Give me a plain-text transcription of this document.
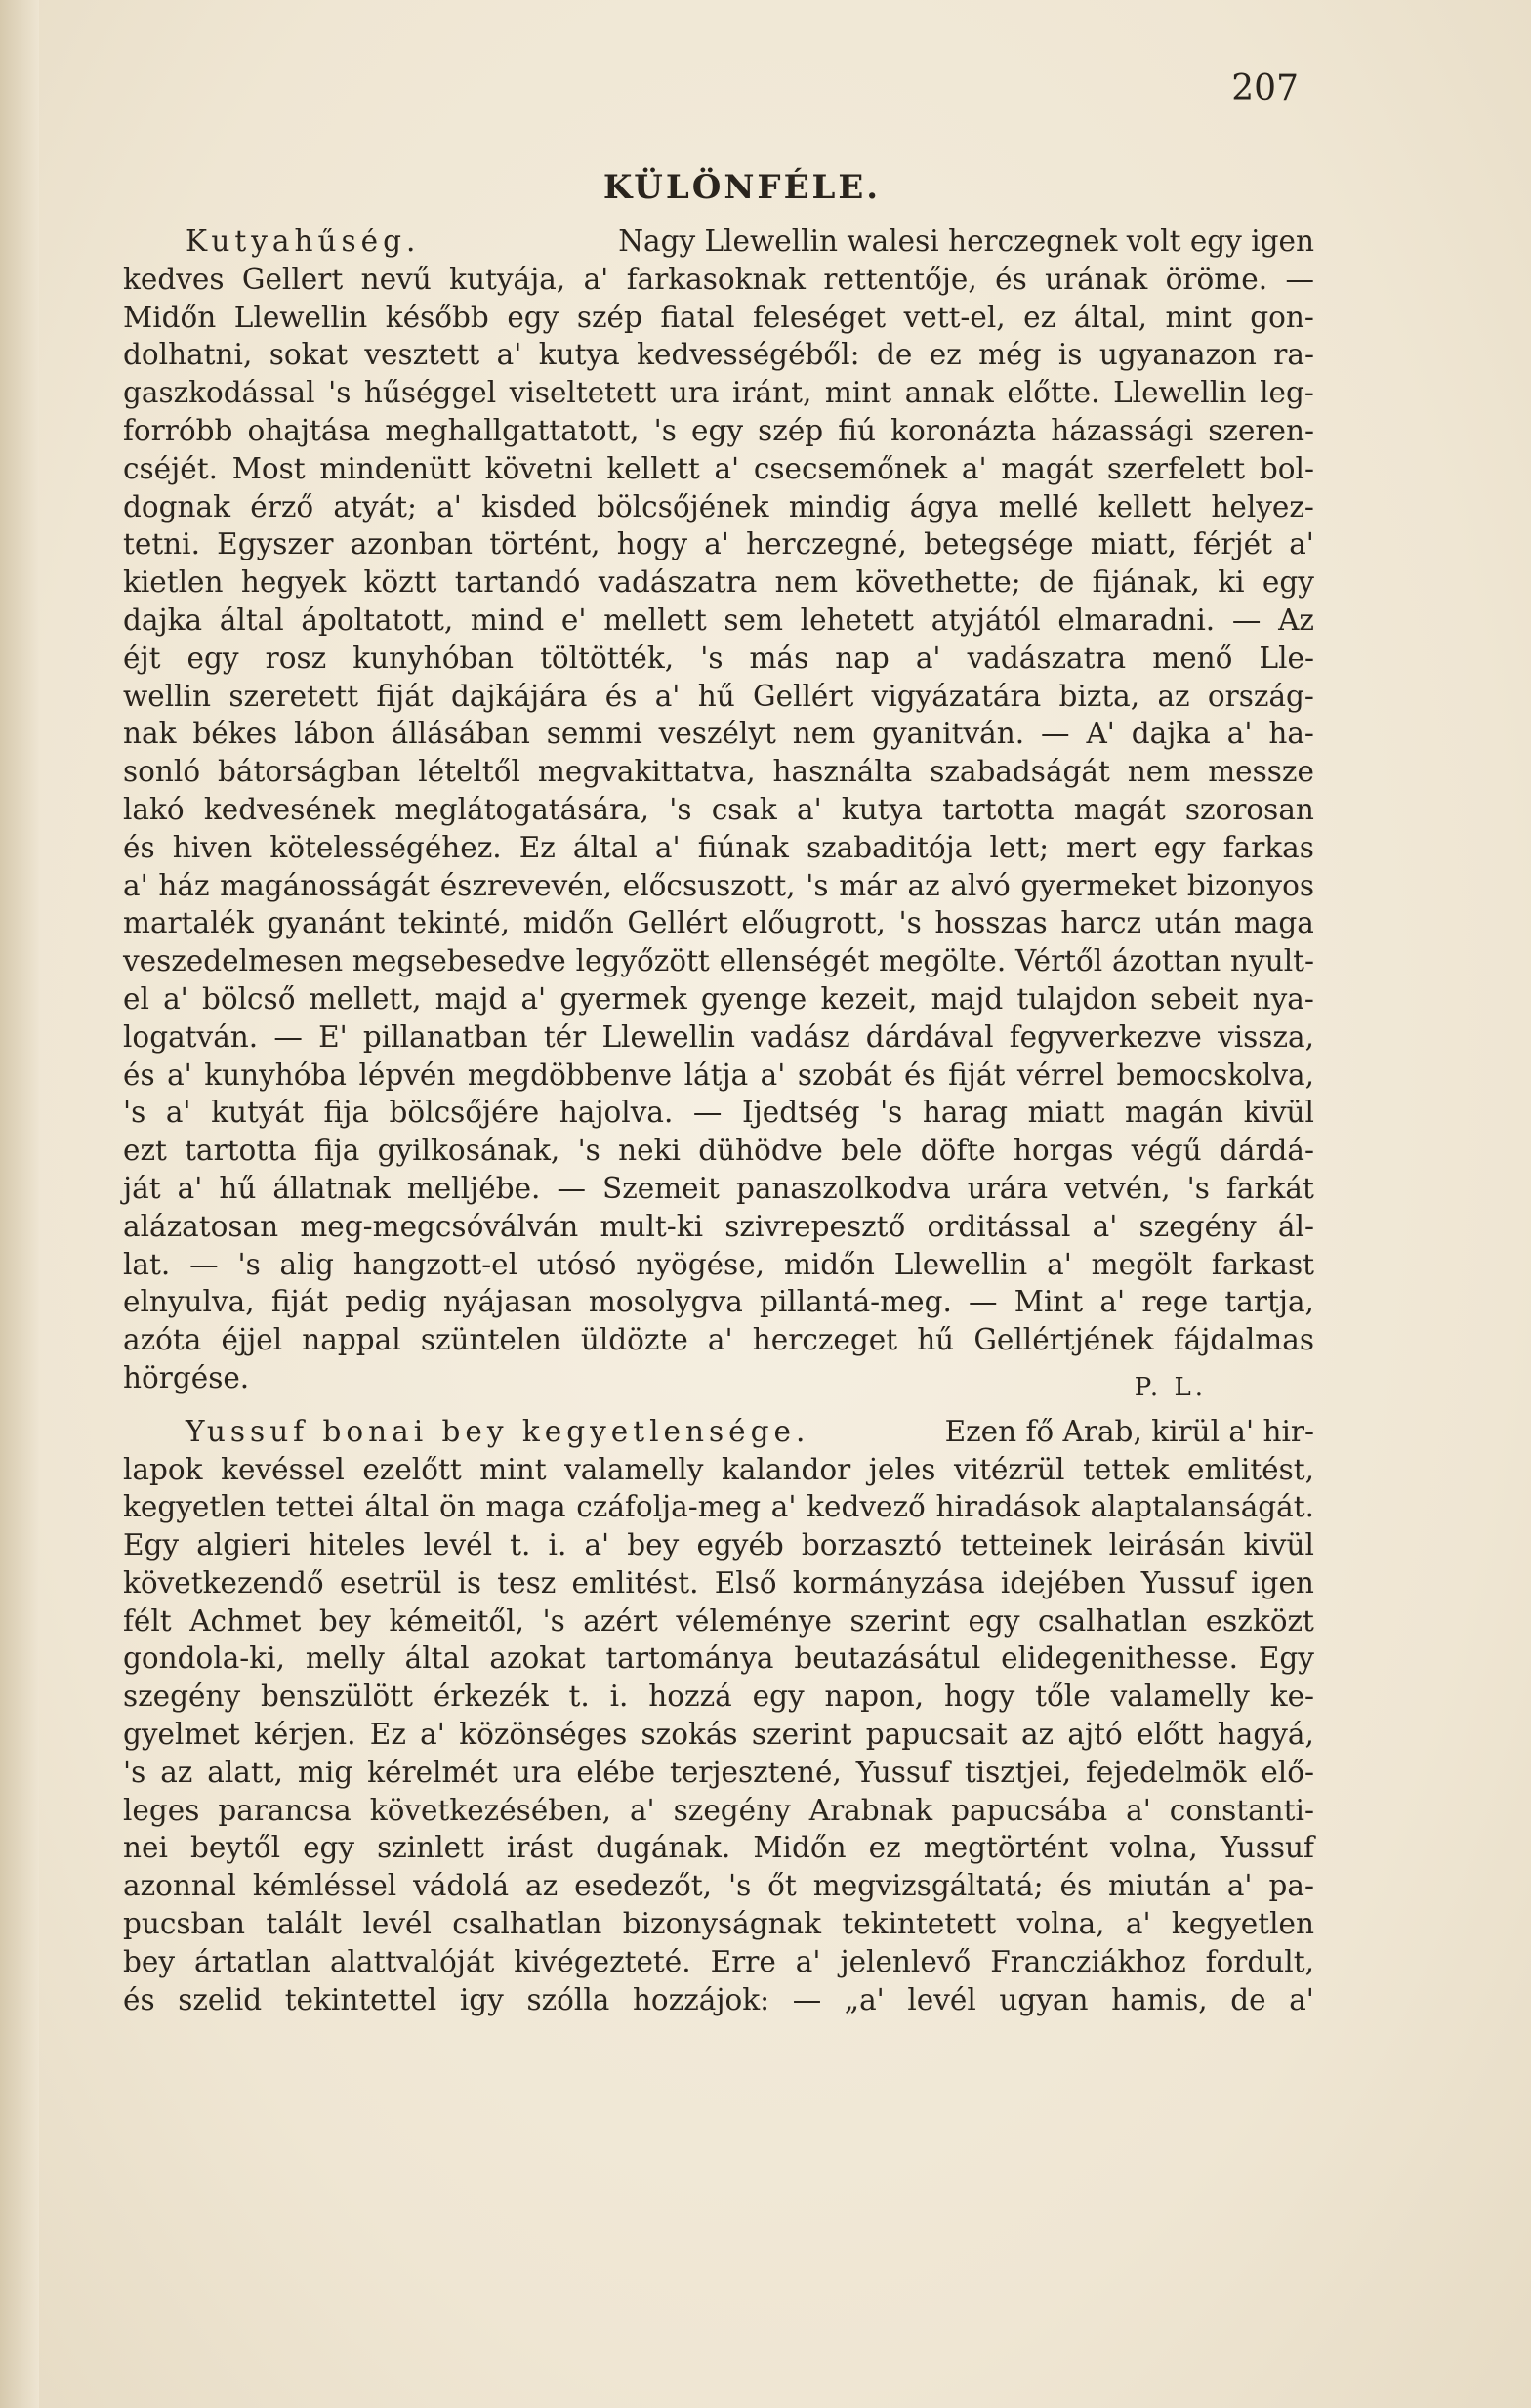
207
KÜLÖNFÉLE.
Kutyahűség.	Nagy Llewellin walesi herczegnek volt egy igen
kedves Gellert nevű kutyája, a' farkasoknak rettentője, és urának öröme. —
Midőn Llewellin később egy szép fiatal feleséget vett-el, ez által, mint gon-
dolhatni, sokat vesztett a' kutya kedvességéből: de ez még is ugyanazon ra-
gaszkodással 's hűséggel viseltetett ura iránt, mint annak előtte. Llewellin leg-
forróbb ohajtása meghallgattatott, 's egy szép fiú koronázta házassági szeren-
cséjét. Most mindenütt követni kellett a' csecsemőnek a' magát szerfelett bol-
dognak érző atyát; a' kisded bölcsőjének mindig ágya mellé kellett helyez-
tetni. Egyszer azonban történt, hogy a' herczegné, betegsége miatt, férjét a'
kietlen hegyek köztt tartandó vadászatra nem követhette; de fijának, ki egy
dajka által ápoltatott, mind e' mellett sem lehetett atyjától elmaradni. — Az
éjt egy rosz kunyhóban töltötték, 's más nap a' vadászatra menő Lle-
wellin szeretett fiját dajkájára és a' hű Gellért vigyázatára bizta, az ország-
nak békes lábon állásában semmi veszélyt nem gyanitván. — A' dajka a' ha-
sonló bátorságban lételtől megvakittatva, használta szabadságát nem messze
lakó kedvesének meglátogatására, 's csak a' kutya tartotta magát szorosan
és hiven kötelességéhez. Ez által a' fiúnak szabaditója lett; mert egy farkas
a' ház magánosságát észrevevén, előcsuszott, 's már az alvó gyermeket bizonyos
martalék gyanánt tekinté, midőn Gellért előugrott, 's hosszas harcz után maga
veszedelmesen megsebesedve legyőzött ellenségét megölte. Vértől ázottan nyult-
el a' bölcső mellett, majd a' gyermek gyenge kezeit, majd tulajdon sebeit nya-
logatván. — E' pillanatban tér Llewellin vadász dárdával fegyverkezve vissza,
és a' kunyhóba lépvén megdöbbenve látja a' szobát és fiját vérrel bemocskolva,
's a' kutyát fija bölcsőjére hajolva. — Ijedtség 's harag miatt magán kivül
ezt tartotta fija gyilkosának, 's neki dühödve bele döfte horgas végű dárdá-
ját a' hű állatnak melljébe. — Szemeit panaszolkodva urára vetvén, 's farkát
alázatosan meg-megcsóválván mult-ki szivrepesztő orditással a' szegény ál-
lat. — 's alig hangzott-el utósó nyögése, midőn Llewellin a' megölt farkast
elnyulva, fiját pedig nyájasan mosolygva pillantá-meg. — Mint a' rege tartja,
azóta éjjel nappal szüntelen üldözte a' herczeget hű Gellértjének fájdalmas
hörgése.	P. L.
Yussuf bonai bey kegyetlensége.	Ezen fő Arab, kirül a' hir-
lapok kevéssel ezelőtt mint valamelly kalandor jeles vitézrül tettek emlitést,
kegyetlen tettei által ön maga czáfolja-meg a' kedvező hiradások alaptalanságát.
Egy algieri hiteles levél t. i. a' bey egyéb borzasztó tetteinek leirásán kivül
következendő esetrül is tesz emlitést. Első kormányzása idejében Yussuf igen
félt Achmet bey kémeitől, 's azért véleménye szerint egy csalhatlan eszközt
gondola-ki, melly által azokat tartománya beutazásátul elidegenithesse. Egy
szegény benszülött érkezék t. i. hozzá egy napon, hogy tőle valamelly ke-
gyelmet kérjen. Ez a' közönséges szokás szerint papucsait az ajtó előtt hagyá,
's az alatt, mig kérelmét ura elébe terjesztené, Yussuf tisztjei, fejedelmök elő-
leges parancsa következésében, a' szegény Arabnak papucsába a' constanti-
nei beytől egy szinlett irást dugának. Midőn ez megtörtént volna, Yussuf
azonnal kémléssel vádolá az esedezőt, 's őt megvizsgáltatá; és miután a' pa-
pucsban talált levél csalhatlan bizonyságnak tekintetett volna, a' kegyetlen
bey ártatlan alattvalóját kivégezteté. Erre a' jelenlevő Francziákhoz fordult,
és szelid tekintettel igy szólla hozzájok: — „a' levél ugyan hamis, de a'
